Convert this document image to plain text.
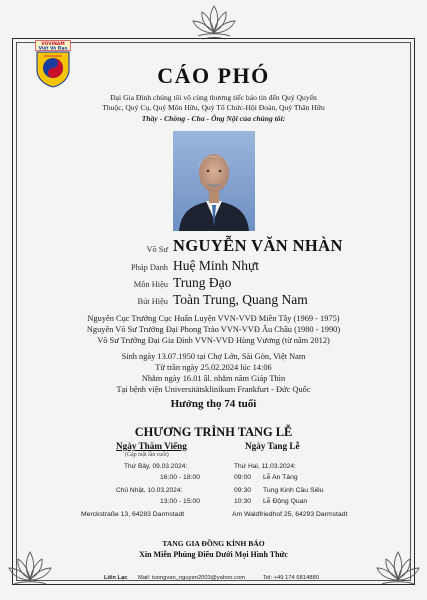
VOVINAM
Việt Võ Đạo
CÁO PHÓ
Đại Gia Đình chúng tôi vô cùng thương tiếc báo tin đến Quý Quyến
Thuộc, Quý Cụ, Quý Môn Hữu, Quý Tổ Chức-Hội Đoàn, Quý Thân Hữu
Thầy - Chồng - Cha - Ông Nội của chúng tôi:
Võ Sư NGUYỄN VĂN NHÀN
Pháp Danh Huệ Minh Nhựt
Môn Hiệu Trung Đạo
Bút Hiệu Toàn Trung, Quang Nam
Nguyên Cục Trưởng Cục Huấn Luyện VVN-VVĐ Miền Tây (1969 - 1975)
Nguyên Võ Sư Trưởng Đại Phong Trào VVN-VVĐ Âu Châu (1980 - 1990)
Võ Sư Trưởng Đại Gia Đình VVN-VVĐ Hùng Vương (từ năm 2012)
Sinh ngày 13.07.1950 tại Chợ Lớn, Sài Gòn, Việt Nam
Từ trần ngày 25.02.2024 lúc 14:06
Nhằm ngày 16.01 âl. nhằm năm Giáp Thìn
Tại bệnh viện Universitätsklinikum Frankfurt - Đức Quốc
Hưởng thọ 74 tuổi
CHƯƠNG TRÌNH TANG LỄ
Ngày Thăm Viếng
(Gặp mặt lần cuối)
Thứ Bảy, 09.03.2024:
16:00 - 18:00
Chủ Nhật, 10.03.2024:
13:00 - 15:00
Merckstraße 13, 64283 Darmstadt
Ngày Tang Lễ
Thứ Hai, 11.03.2024:
09:00 Lễ An Táng
09:30 Tung Kinh Cầu Siêu
10:30 Lễ Động Quan
Am Waldfriedhof 25, 64293 Darmstadt
TANG GIA ĐỒNG KÍNH BÁO
Xin Miễn Phúng Điếu Dưới Mọi Hình Thức
Liên Lạc Mail: tuongvan_nguyen2003@yahoo.com	Tel: +49 174 6814880
